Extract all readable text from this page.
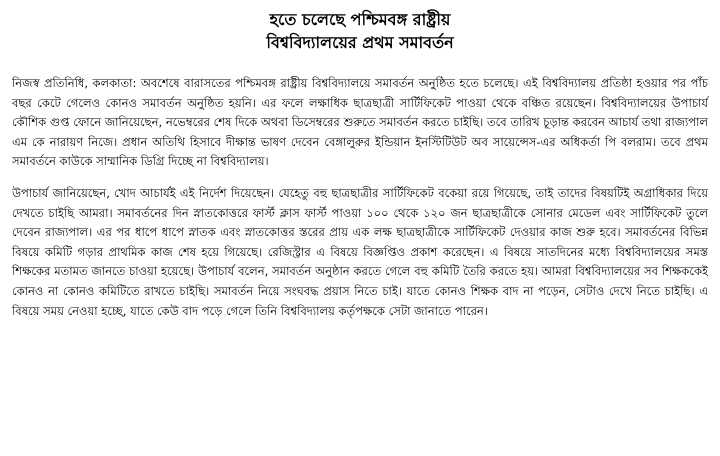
হতে চলেছে পশ্চিমবঙ্গ রাষ্ট্রীয়
বিশ্ববিদ্যালয়ের প্রথম সমাবর্তন

নিজস্ব প্রতিনিধি, কলকাতা: অবশেষে বারাসতের পশ্চিমবঙ্গ রাষ্ট্রীয় বিশ্ববিদ্যালয়ে সমাবর্তন অনুষ্ঠিত হতে চলেছে। এই বিশ্ববিদ্যালয় প্রতিষ্ঠা হওয়ার পর পাঁচ বছর কেটে গেলেও কোনও সমাবর্তন অনুষ্ঠিত হয়নি। এর ফলে লক্ষাধিক ছাত্রছাত্রী সার্টিফিকেট পাওয়া থেকে বঞ্চিত রয়েছেন। বিশ্ববিদ্যালয়ের উপাচার্য কৌশিক গুপ্ত ফোনে জানিয়েছেন, নভেম্বরের শেষ দিকে অথবা ডিসেম্বরের শুরুতে সমাবর্তন করতে চাইছি। তবে তারিখ চূড়ান্ত করবেন আচার্য তথা রাজ্যপাল এম কে নারায়ণ নিজে। প্রধান অতিথি হিসাবে দীক্ষান্ত ভাষণ দেবেন বেঙ্গালুরুর ইন্ডিয়ান ইনস্টিটিউট অব সায়েন্সেস-এর অধিকর্তা পি বলরাম। তবে প্রথম সমাবর্তনে কাউকে সাম্মানিক ডিগ্রি দিচ্ছে না বিশ্ববিদ্যালয়।

উপাচার্য জানিয়েছেন, খোদ আচার্যই এই নির্দেশ দিয়েছেন। যেহেতু বহু ছাত্রছাত্রীর সার্টিফিকেট বকেয়া রয়ে গিয়েছে, তাই তাদের বিষয়টিই অগ্রাধিকার দিয়ে দেখতে চাইছি আমরা। সমাবর্তনের দিন স্নাতকোত্তরে ফার্স্ট ক্লাস ফার্স্ট পাওয়া ১০০ থেকে ১২০ জন ছাত্রছাত্রীকে সোনার মেডেল এবং সার্টিফিকেট তুলে দেবেন রাজ্যপাল। এর পর ধাপে ধাপে স্নাতক এবং স্নাতকোত্তর স্তরের প্রায় এক লক্ষ ছাত্রছাত্রীকে সার্টিফিকেট দেওয়ার কাজ শুরু হবে। সমাবর্তনের বিভিন্ন বিষয়ে কমিটি গড়ার প্রাথমিক কাজ শেষ হয়ে গিয়েছে। রেজিস্ট্রার এ বিষয়ে বিজ্ঞপ্তিও প্রকাশ করেছেন। এ বিষয়ে সাতদিনের মধ্যে বিশ্ববিদ্যালয়ের সমস্ত শিক্ষকের মতামত জানতে চাওয়া হয়েছে। উপাচার্য বলেন, সমাবর্তন অনুষ্ঠান করতে গেলে বহু কমিটি তৈরি করতে হয়। আমরা বিশ্ববিদ্যালয়ের সব শিক্ষককেই কোনও না কোনও কমিটিতে রাখতে চাইছি। সমাবর্তন নিয়ে সংঘবদ্ধ প্রয়াস নিতে চাই। যাতে কোনও শিক্ষক বাদ না পড়েন, সেটাও দেখে নিতে চাইছি। এ বিষয়ে সময় নেওয়া হচ্ছে, যাতে কেউ বাদ পড়ে গেলে তিনি বিশ্ববিদ্যালয় কর্তৃপক্ষকে সেটা জানাতে পারেন।
